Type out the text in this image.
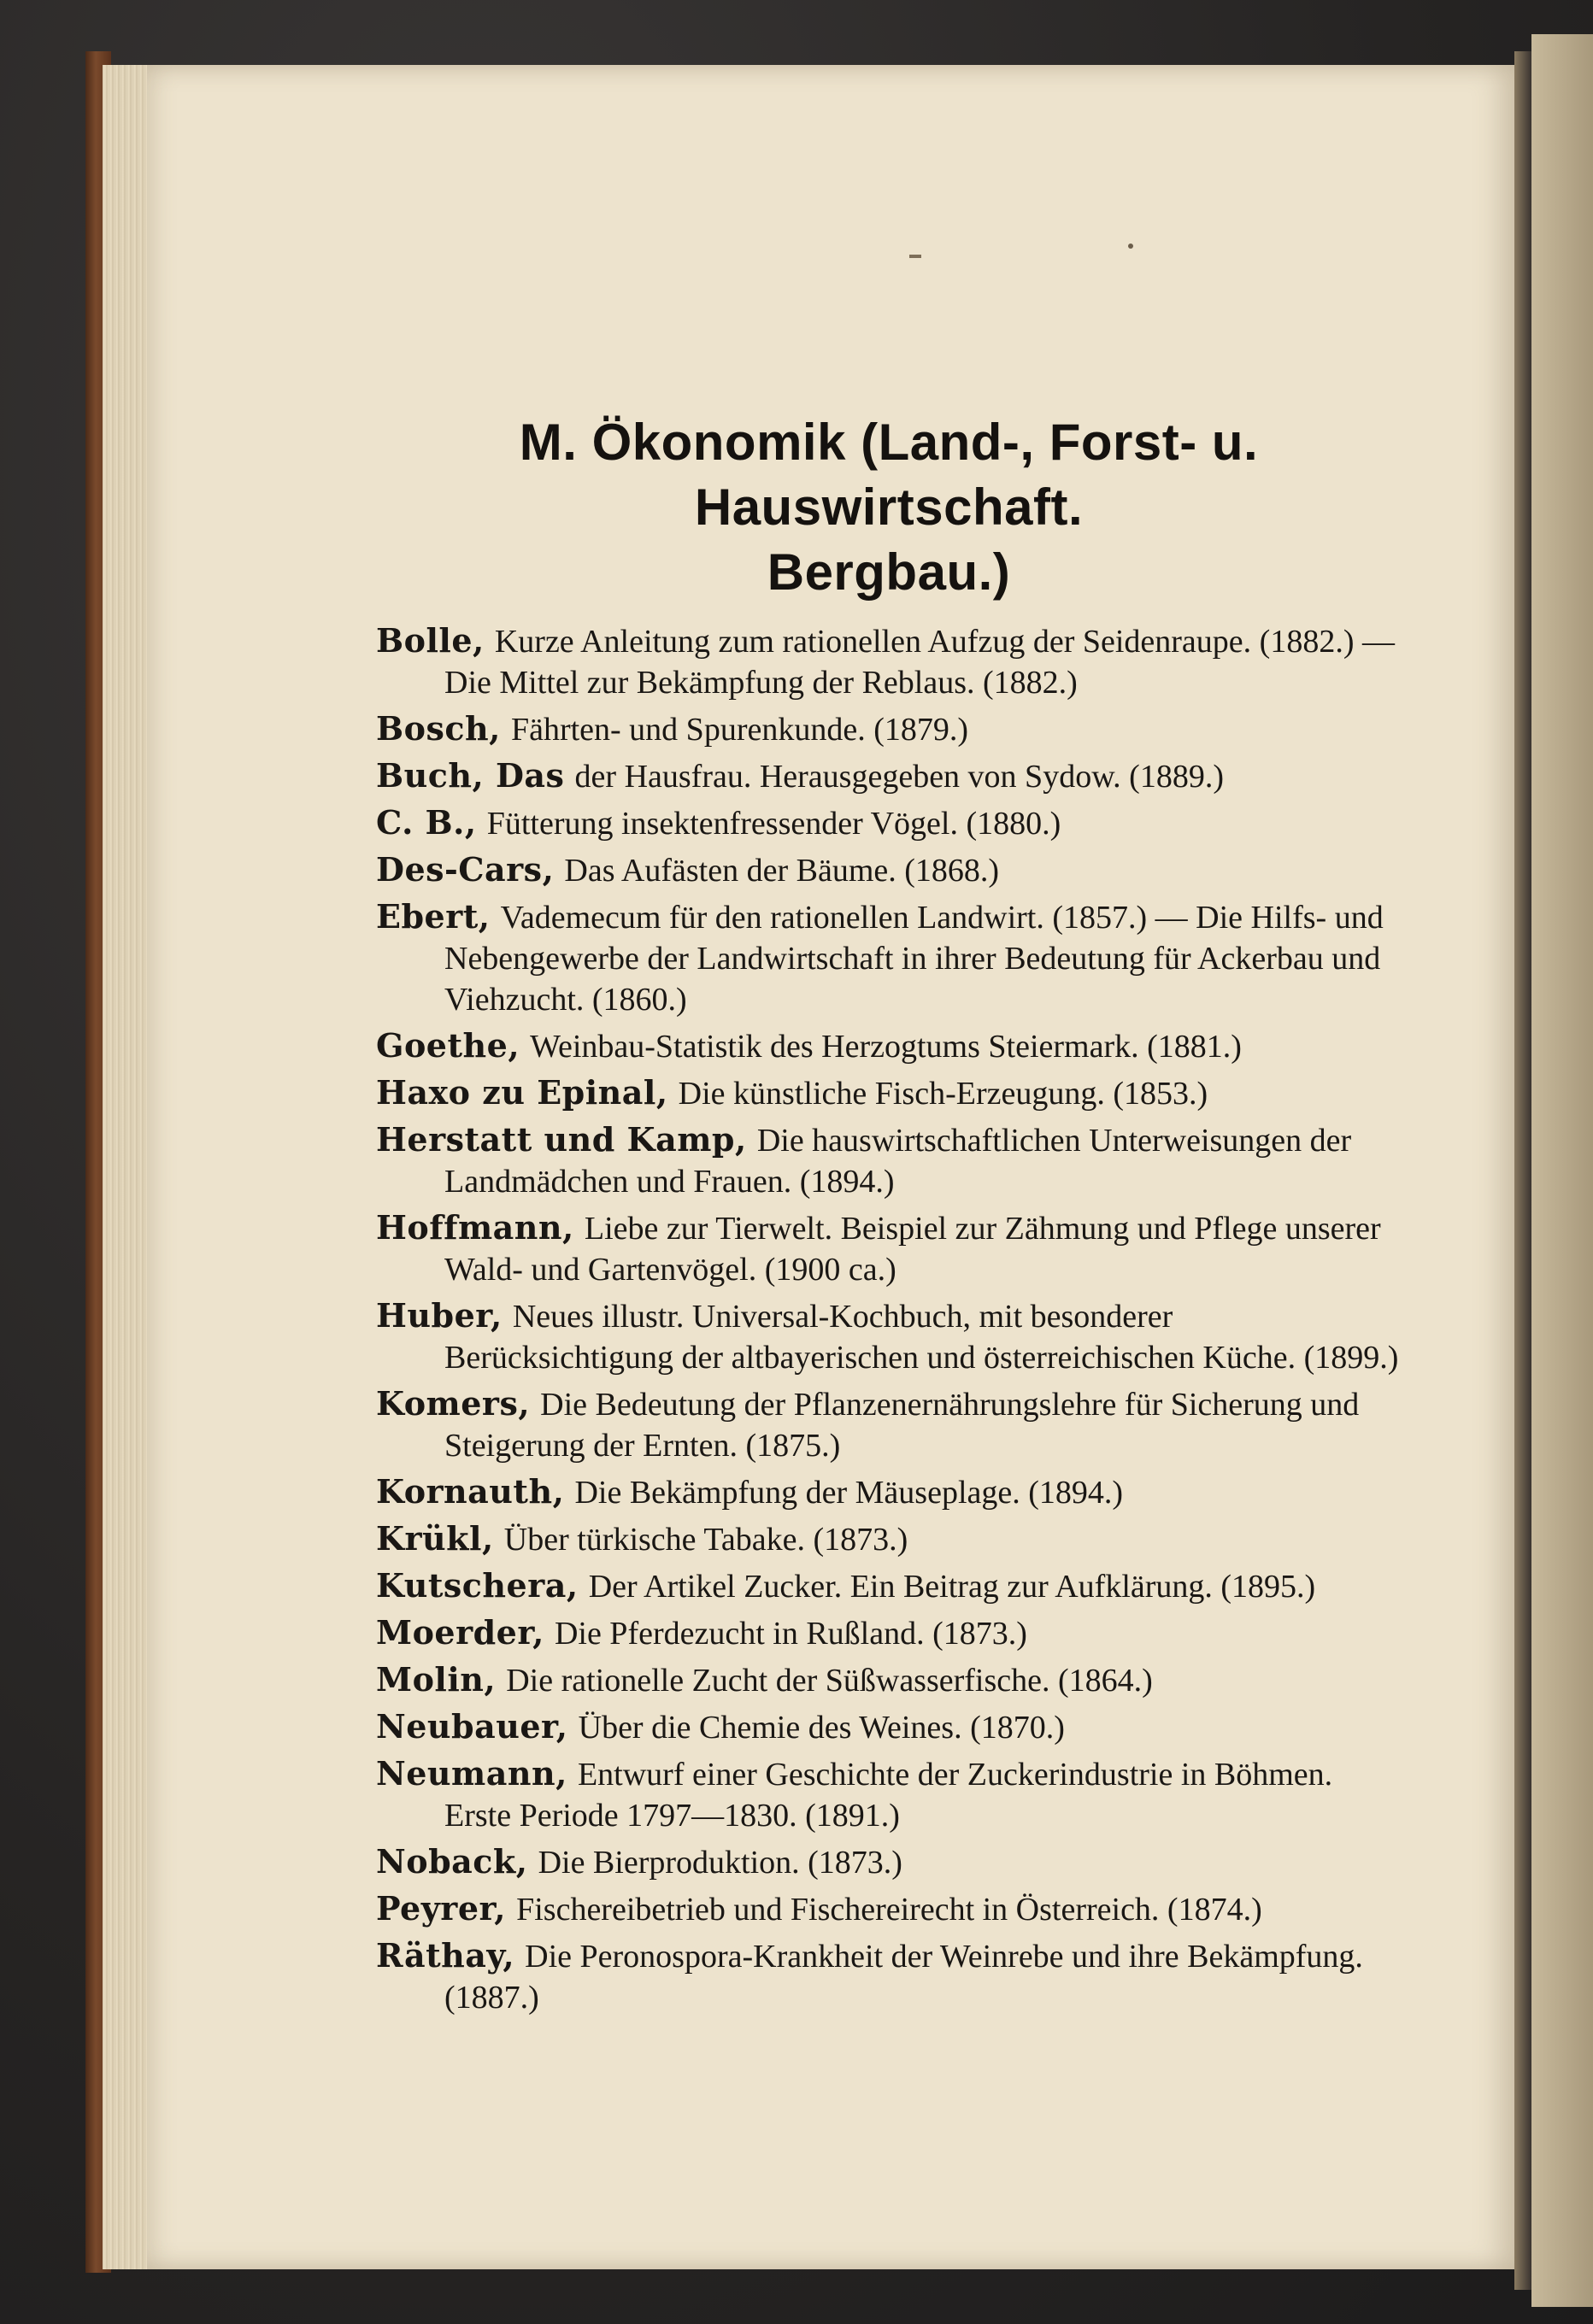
M. Ökonomik (Land-, Forst- u. Hauswirtschaft.
Bergbau.)

Bolle, Kurze Anleitung zum rationellen Aufzug der Seidenraupe. (1882.) — Die Mittel zur Bekämpfung der Reblaus. (1882.)

Bosch, Fährten- und Spurenkunde. (1879.)

Buch, Das der Hausfrau. Herausgegeben von Sydow. (1889.)

C. B., Fütterung insektenfressender Vögel. (1880.)

Des-Cars, Das Aufästen der Bäume. (1868.)

Ebert, Vademecum für den rationellen Landwirt. (1857.) — Die Hilfs- und Nebengewerbe der Landwirtschaft in ihrer Bedeutung für Ackerbau und Viehzucht. (1860.)

Goethe, Weinbau-Statistik des Herzogtums Steiermark. (1881.)

Haxo zu Epinal, Die künstliche Fisch-Erzeugung. (1853.)

Herstatt und Kamp, Die hauswirtschaftlichen Unterweisungen der Landmädchen und Frauen. (1894.)

Hoffmann, Liebe zur Tierwelt. Beispiel zur Zähmung und Pflege unserer Wald- und Gartenvögel. (1900 ca.)

Huber, Neues illustr. Universal-Kochbuch, mit besonderer Berücksichtigung der altbayerischen und österreichischen Küche. (1899.)

Komers, Die Bedeutung der Pflanzenernährungslehre für Sicherung und Steigerung der Ernten. (1875.)

Kornauth, Die Bekämpfung der Mäuseplage. (1894.)

Krükl, Über türkische Tabake. (1873.)

Kutschera, Der Artikel Zucker. Ein Beitrag zur Aufklärung. (1895.)

Moerder, Die Pferdezucht in Rußland. (1873.)

Molin, Die rationelle Zucht der Süßwasserfische. (1864.)

Neubauer, Über die Chemie des Weines. (1870.)

Neumann, Entwurf einer Geschichte der Zuckerindustrie in Böhmen. Erste Periode 1797—1830. (1891.)

Noback, Die Bierproduktion. (1873.)

Peyrer, Fischereibetrieb und Fischereirecht in Österreich. (1874.)

Räthay, Die Peronospora-Krankheit der Weinrebe und ihre Bekämpfung. (1887.)
